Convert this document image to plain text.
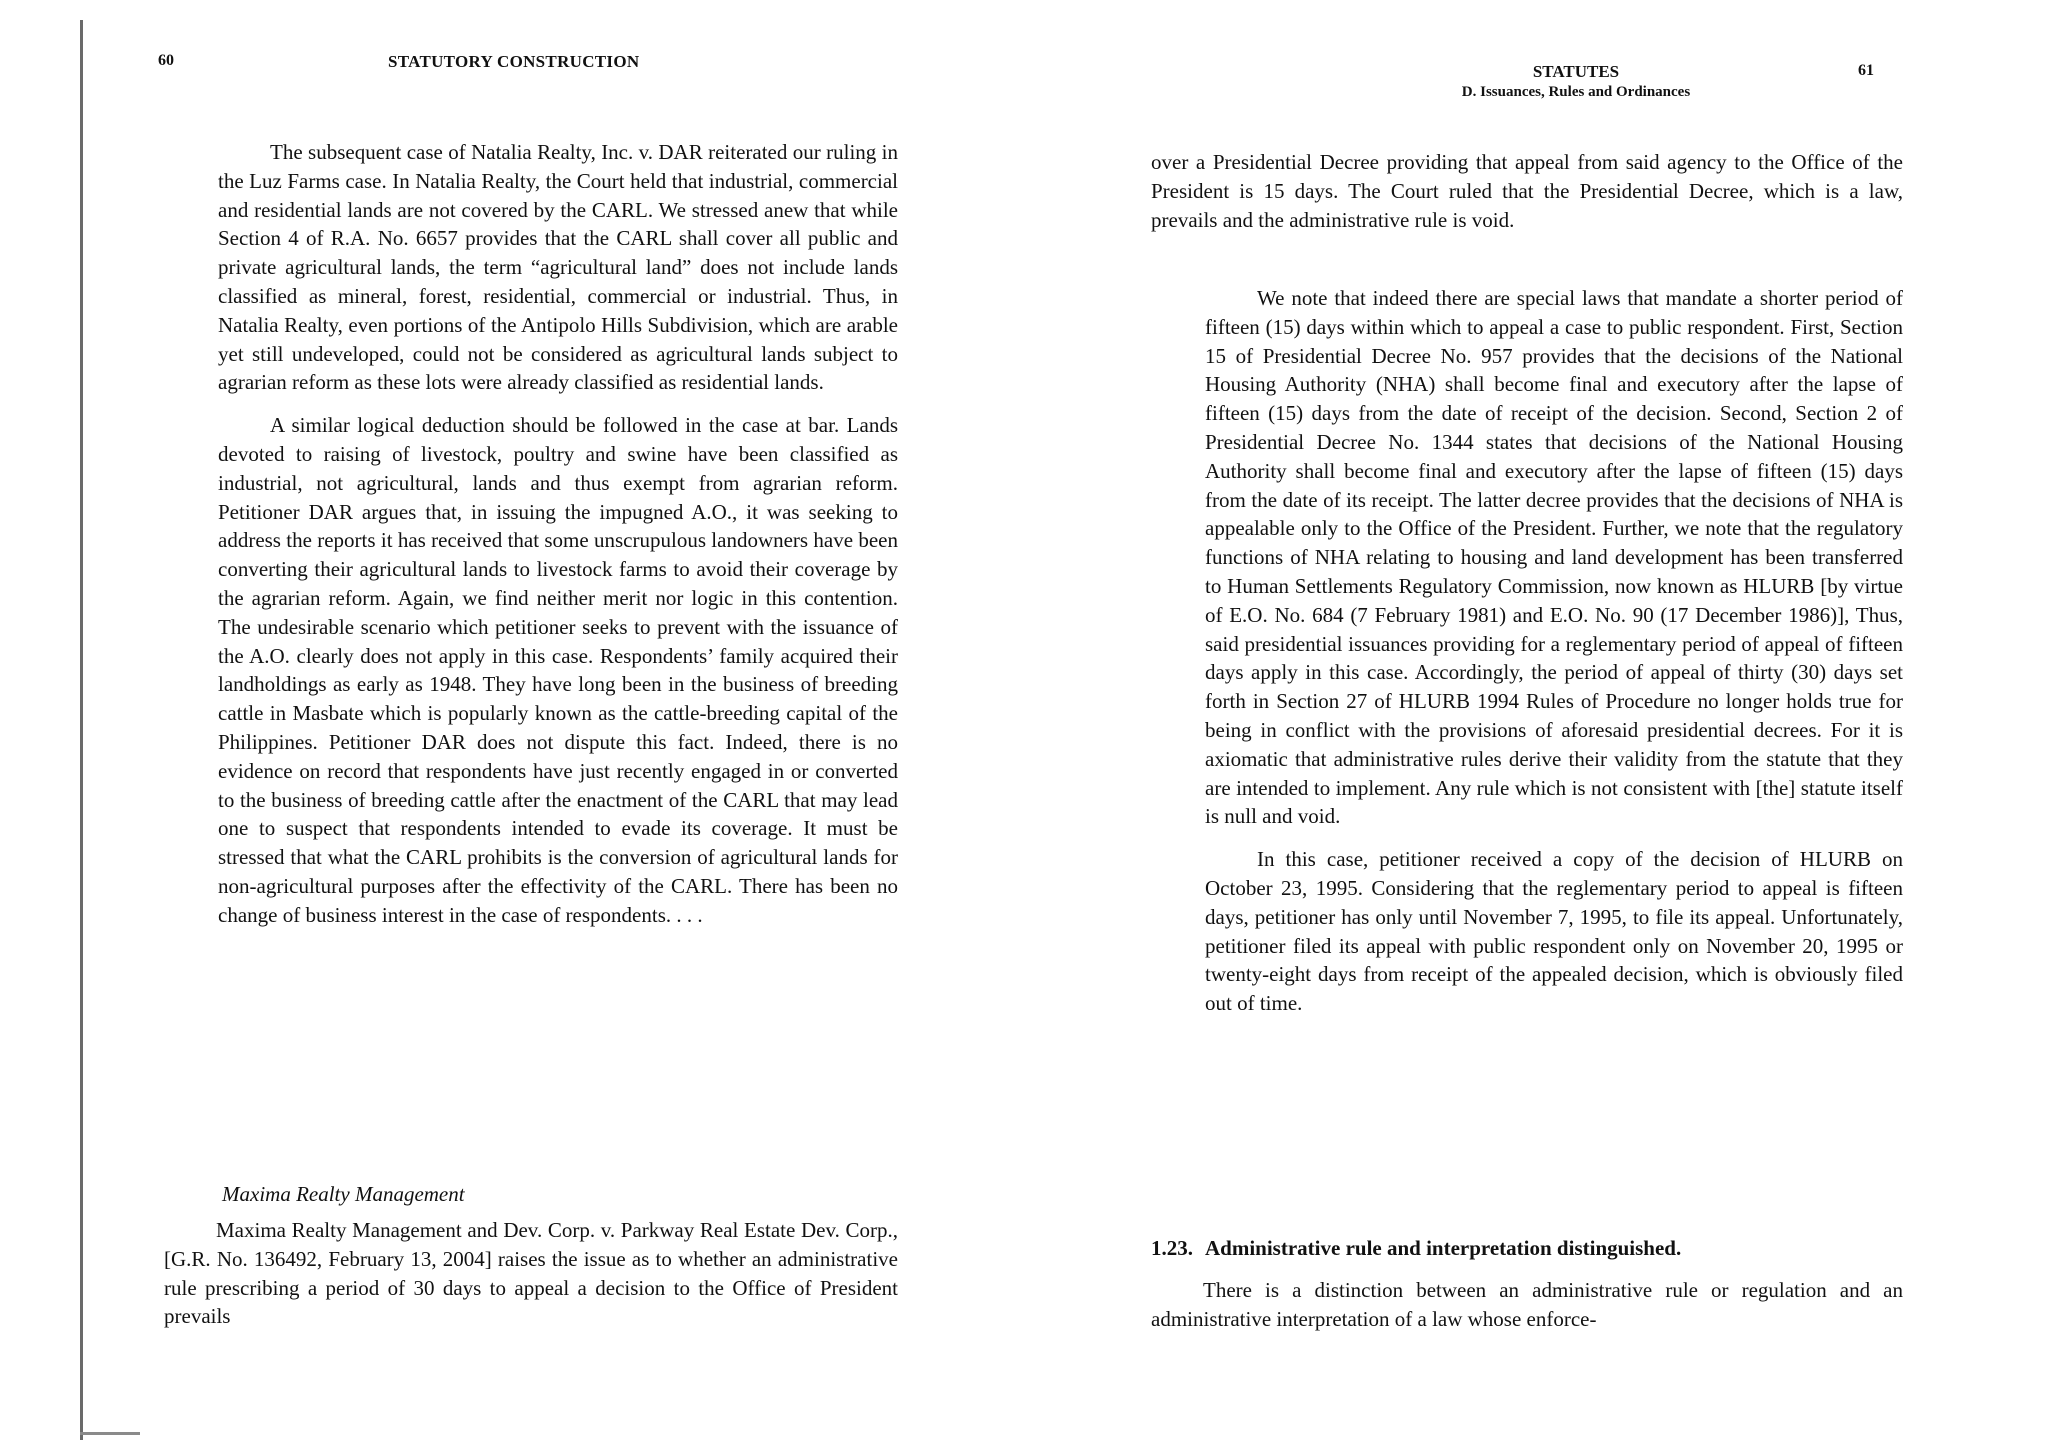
60	STATUTORY CONSTRUCTION

The subsequent case of Natalia Realty, Inc. v. DAR reiterated our ruling in the Luz Farms case. In Natalia Realty, the Court held that industrial, commercial and residential lands are not covered by the CARL. We stressed anew that while Section 4 of R.A. No. 6657 provides that the CARL shall cover all public and private agricultural lands, the term “agricultural land” does not include lands classified as mineral, forest, residential, commercial or industrial. Thus, in Natalia Realty, even portions of the Antipolo Hills Subdivision, which are arable yet still undeveloped, could not be considered as agricultural lands subject to agrarian reform as these lots were already classified as residential lands.

A similar logical deduction should be followed in the case at bar. Lands devoted to raising of livestock, poultry and swine have been classified as industrial, not agricultural, lands and thus exempt from agrarian reform. Petitioner DAR argues that, in issuing the impugned A.O., it was seeking to address the reports it has received that some unscrupulous landowners have been converting their agricultural lands to livestock farms to avoid their coverage by the agrarian reform. Again, we find neither merit nor logic in this contention. The undesirable scenario which petitioner seeks to prevent with the issuance of the A.O. clearly does not apply in this case. Respondents’ family acquired their landholdings as early as 1948. They have long been in the business of breeding cattle in Masbate which is popularly known as the cattle-breeding capital of the Philippines. Petitioner DAR does not dispute this fact. Indeed, there is no evidence on record that respondents have just recently engaged in or converted to the business of breeding cattle after the enactment of the CARL that may lead one to suspect that respondents intended to evade its coverage. It must be stressed that what the CARL prohibits is the conversion of agricultural lands for non-agricultural purposes after the effectivity of the CARL. There has been no change of business interest in the case of respondents. . . .

Maxima Realty Management

Maxima Realty Management and Dev. Corp. v. Parkway Real Estate Dev. Corp., [G.R. No. 136492, February 13, 2004] raises the issue as to whether an administrative rule prescribing a period of 30 days to appeal a decision to the Office of President prevails

STATUTES
D. Issuances, Rules and Ordinances
61

over a Presidential Decree providing that appeal from said agency to the Office of the President is 15 days. The Court ruled that the Presidential Decree, which is a law, prevails and the administrative rule is void.

We note that indeed there are special laws that mandate a shorter period of fifteen (15) days within which to appeal a case to public respondent. First, Section 15 of Presidential Decree No. 957 provides that the decisions of the National Housing Authority (NHA) shall become final and executory after the lapse of fifteen (15) days from the date of receipt of the decision. Second, Section 2 of Presidential Decree No. 1344 states that decisions of the National Housing Authority shall become final and executory after the lapse of fifteen (15) days from the date of its receipt. The latter decree provides that the decisions of NHA is appealable only to the Office of the President. Further, we note that the regulatory functions of NHA relating to housing and land development has been transferred to Human Settlements Regulatory Commission, now known as HLURB [by virtue of E.O. No. 684 (7 February 1981) and E.O. No. 90 (17 December 1986)], Thus, said presidential issuances providing for a reglementary period of appeal of fifteen days apply in this case. Accordingly, the period of appeal of thirty (30) days set forth in Section 27 of HLURB 1994 Rules of Procedure no longer holds true for being in conflict with the provisions of aforesaid presidential decrees. For it is axiomatic that administrative rules derive their validity from the statute that they are intended to implement. Any rule which is not consistent with [the] statute itself is null and void.

In this case, petitioner received a copy of the decision of HLURB on October 23, 1995. Considering that the reglementary period to appeal is fifteen days, petitioner has only until November 7, 1995, to file its appeal. Unfortunately, petitioner filed its appeal with public respondent only on November 20, 1995 or twenty-eight days from receipt of the appealed decision, which is obviously filed out of time.

1.23. Administrative rule and interpretation distinguished.

There is a distinction between an administrative rule or regulation and an administrative interpretation of a law whose enforce-
